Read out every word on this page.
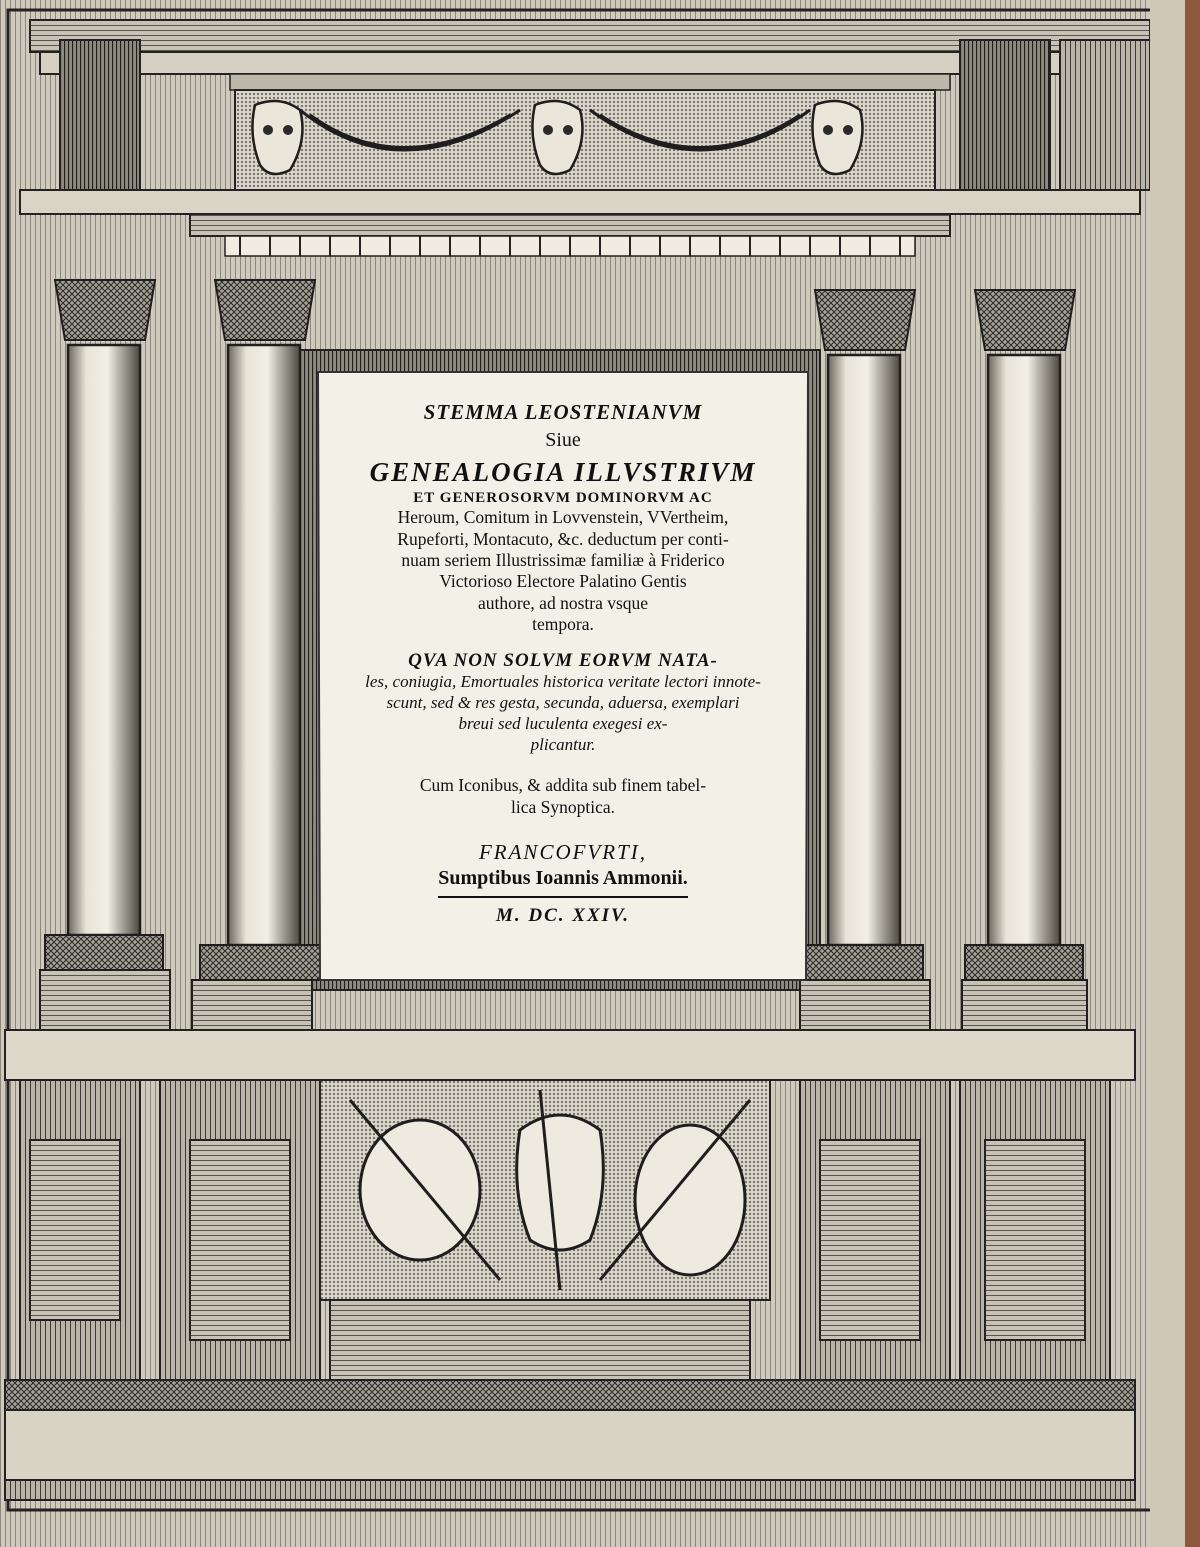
STEMMA LEOSTENIANVM
Siue
GENEALOGIA ILLVSTRIVM
ET GENEROSORVM DOMINORVM AC
Heroum, Comitum in Lovvenstein, VVertheim,
Rupeforti, Montacuto, &c. deductum per conti-
nuam seriem Illustrissimæ familiæ à Friderico
Victorioso Electore Palatino Gentis
authore, ad nostra vsque
tempora.
QVA NON SOLVM EORVM NATA-
les, coniugia, Emortuales historica veritate lectori innote-
scunt, sed & res gesta, secunda, aduersa, exemplari
breui sed luculenta exegesi ex-
plicantur.
Cum Iconibus, & addita sub finem tabel-
lica Synoptica.
FRANCOFVRTI,
Sumptibus Ioannis Ammonii.
M. DC. XXIV.
